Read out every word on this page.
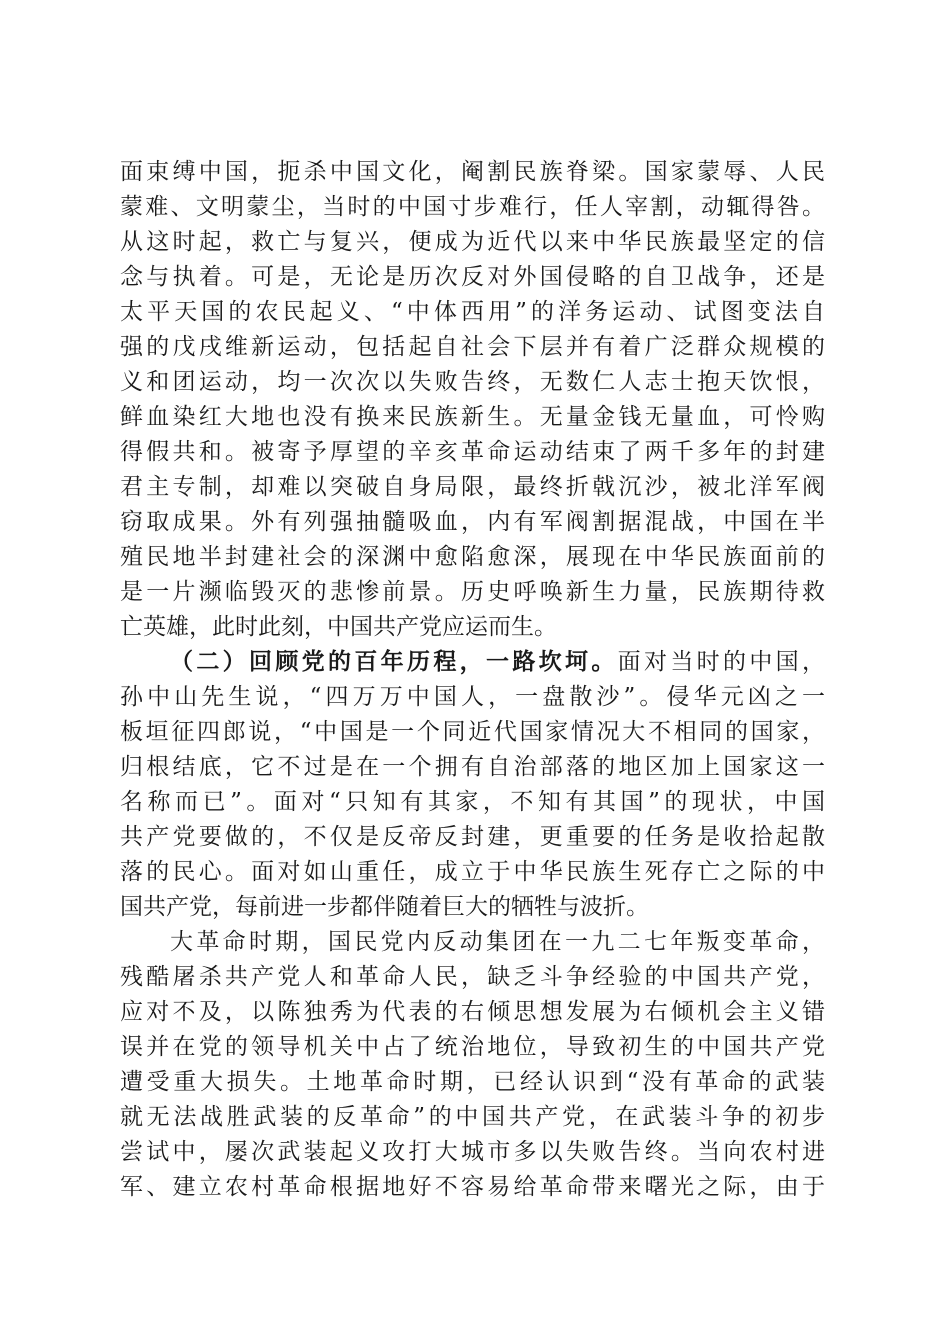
面束缚中国，扼杀中国文化，阉割民族脊梁。国家蒙辱、人民
蒙难、文明蒙尘，当时的中国寸步难行，任人宰割，动辄得咎。
从这时起，救亡与复兴，便成为近代以来中华民族最坚定的信
念与执着。可是，无论是历次反对外国侵略的自卫战争，还是
太平天国的农民起义、“中体西用”的洋务运动、试图变法自
强的戊戌维新运动，包括起自社会下层并有着广泛群众规模的
义和团运动，均一次次以失败告终，无数仁人志士抱天饮恨，
鲜血染红大地也没有换来民族新生。无量金钱无量血，可怜购
得假共和。被寄予厚望的辛亥革命运动结束了两千多年的封建
君主专制，却难以突破自身局限，最终折戟沉沙，被北洋军阀
窃取成果。外有列强抽髓吸血，内有军阀割据混战，中国在半
殖民地半封建社会的深渊中愈陷愈深，展现在中华民族面前的
是一片濒临毁灭的悲惨前景。历史呼唤新生力量，民族期待救
亡英雄，此时此刻，中国共产党应运而生。
（二）回顾党的百年历程，一路坎坷。面对当时的中国，
孙中山先生说，“四万万中国人，一盘散沙”。侵华元凶之一
板垣征四郎说，“中国是一个同近代国家情况大不相同的国家，
归根结底，它不过是在一个拥有自治部落的地区加上国家这一
名称而已”。面对“只知有其家，不知有其国”的现状，中国
共产党要做的，不仅是反帝反封建，更重要的任务是收拾起散
落的民心。面对如山重任，成立于中华民族生死存亡之际的中
国共产党，每前进一步都伴随着巨大的牺牲与波折。
大革命时期，国民党内反动集团在一九二七年叛变革命，
残酷屠杀共产党人和革命人民，缺乏斗争经验的中国共产党，
应对不及，以陈独秀为代表的右倾思想发展为右倾机会主义错
误并在党的领导机关中占了统治地位，导致初生的中国共产党
遭受重大损失。土地革命时期，已经认识到“没有革命的武装
就无法战胜武装的反革命”的中国共产党，在武装斗争的初步
尝试中，屡次武装起义攻打大城市多以失败告终。当向农村进
军、建立农村革命根据地好不容易给革命带来曙光之际，由于
